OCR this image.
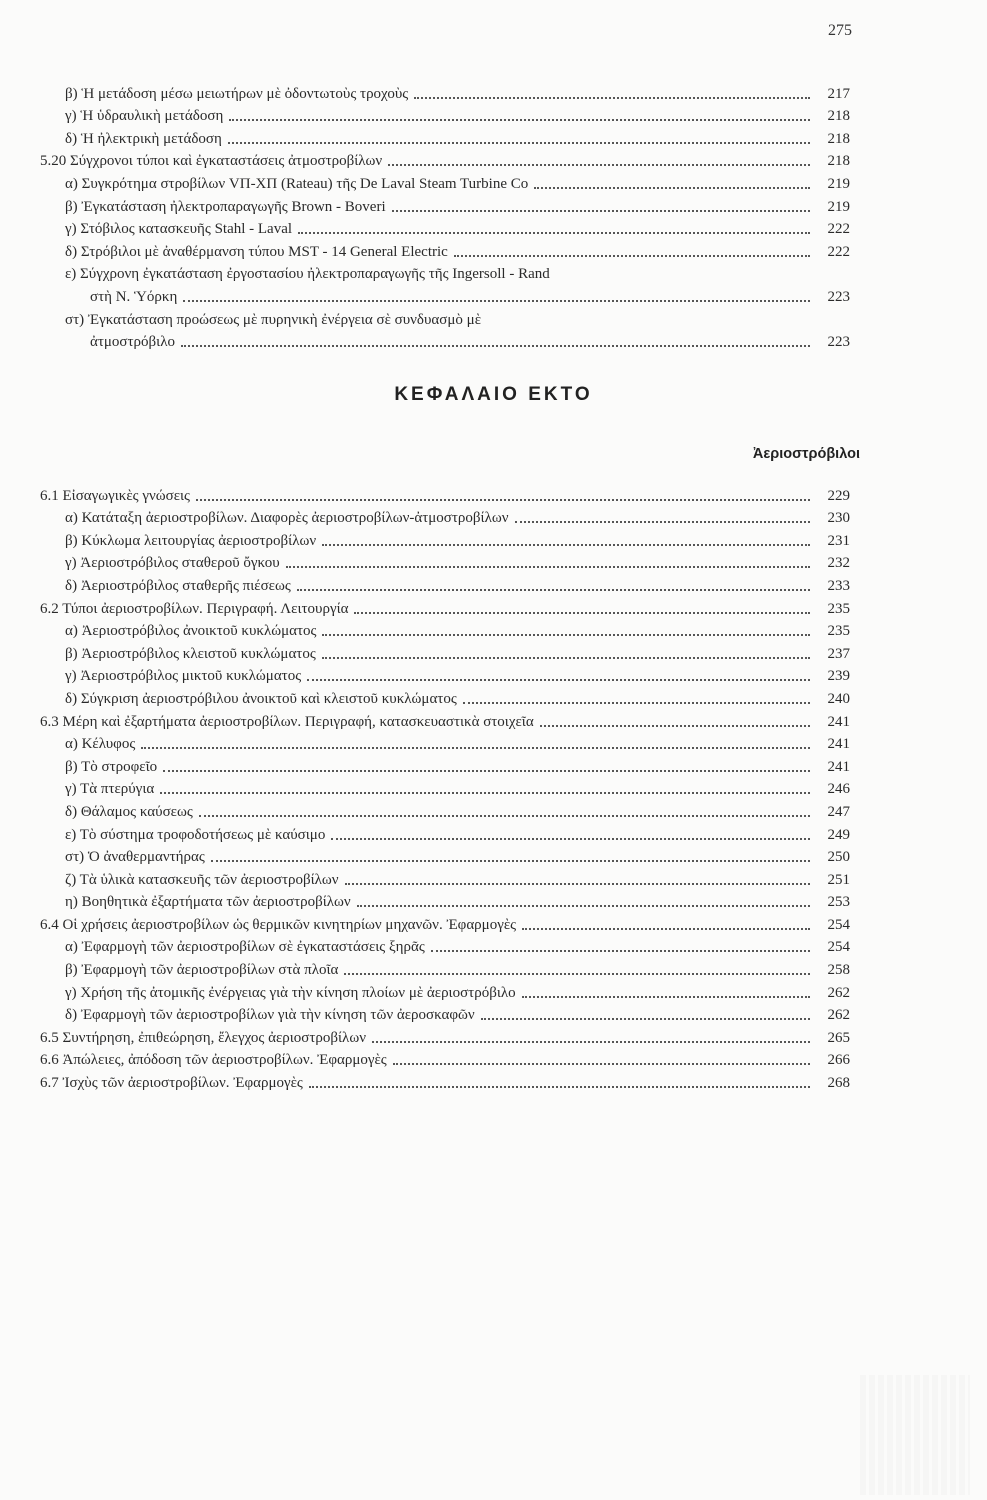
275
β) Ἡ μετάδοση μέσω μειωτήρων μὲ ὀδοντωτοὺς τροχοὺς	217
γ) Ἡ ὑδραυλικὴ μετάδοση	218
δ) Ἡ ἠλεκτρικὴ μετάδοση	218
5.20 Σύγχρονοι τύποι καὶ ἐγκαταστάσεις ἀτμοστροβίλων	218
α) Συγκρότημα στροβίλων VΠ-XΠ (Rateau) τῆς De Laval Steam Turbine Co	219
β) Ἐγκατάσταση ἠλεκτροπαραγωγῆς Brown - Boveri	219
γ) Στόβιλος κατασκευῆς Stahl - Laval	222
δ) Στρόβιλοι μὲ ἀναθέρμανση τύπου MST - 14 General Electric	222
ε) Σύγχρονη ἐγκατάσταση ἐργοστασίου ἠλεκτροπαραγωγῆς τῆς Ingersoll - Rand
στὴ Ν. Ὑόρκη	223
στ) Ἐγκατάσταση προώσεως μὲ πυρηνικὴ ἐνέργεια σὲ συνδυασμὸ μὲ
ἀτμοστρόβιλο	223
ΚΕΦΑΛΑΙΟ ΕΚΤΟ
Ἀεριοστρόβιλοι
6.1 Εἰσαγωγικὲς γνώσεις	229
α) Κατάταξη ἀεριοστροβίλων. Διαφορὲς ἀεριοστροβίλων-ἀτμοστροβίλων	230
β) Κύκλωμα λειτουργίας ἀεριοστροβίλων	231
γ) Ἀεριοστρόβιλος σταθεροῦ ὄγκου	232
δ) Ἀεριοστρόβιλος σταθερῆς πιέσεως	233
6.2 Τύποι ἀεριοστροβίλων. Περιγραφή. Λειτουργία	235
α) Ἀεριοστρόβιλος ἀνοικτοῦ κυκλώματος	235
β) Ἀεριοστρόβιλος κλειστοῦ κυκλώματος	237
γ) Ἀεριοστρόβιλος μικτοῦ κυκλώματος	239
δ) Σύγκριση ἀεριοστρόβιλου ἀνοικτοῦ καὶ κλειστοῦ κυκλώματος	240
6.3 Μέρη καὶ ἐξαρτήματα ἀεριοστροβίλων. Περιγραφή, κατασκευαστικὰ στοιχεῖα	241
α) Κέλυφος	241
β) Τὸ στροφεῖο	241
γ) Τὰ πτερύγια	246
δ) Θάλαμος καύσεως	247
ε) Τὸ σύστημα τροφοδοτήσεως μὲ καύσιμο	249
στ) Ὁ ἀναθερμαντήρας	250
ζ) Τὰ ὑλικὰ κατασκευῆς τῶν ἀεριοστροβίλων	251
η) Βοηθητικὰ ἐξαρτήματα τῶν ἀεριοστροβίλων	253
6.4 Οἱ χρήσεις ἀεριοστροβίλων ὡς θερμικῶν κινητηρίων μηχανῶν. Ἐφαρμογὲς	254
α) Ἐφαρμογὴ τῶν ἀεριοστροβίλων σὲ ἐγκαταστάσεις ξηρᾶς	254
β) Ἐφαρμογὴ τῶν ἀεριοστροβίλων στὰ πλοῖα	258
γ) Χρήση τῆς ἀτομικῆς ἐνέργειας γιὰ τὴν κίνηση πλοίων μὲ ἀεριοστρόβιλο	262
δ) Ἐφαρμογὴ τῶν ἀεριοστροβίλων γιὰ τὴν κίνηση τῶν ἀεροσκαφῶν	262
6.5 Συντήρηση, ἐπιθεώρηση, ἔλεγχος ἀεριοστροβίλων	265
6.6 Ἀπώλειες, ἀπόδοση τῶν ἀεριοστροβίλων. Ἐφαρμογὲς	266
6.7 Ἰσχὺς τῶν ἀεριοστροβίλων. Ἐφαρμογὲς	268
